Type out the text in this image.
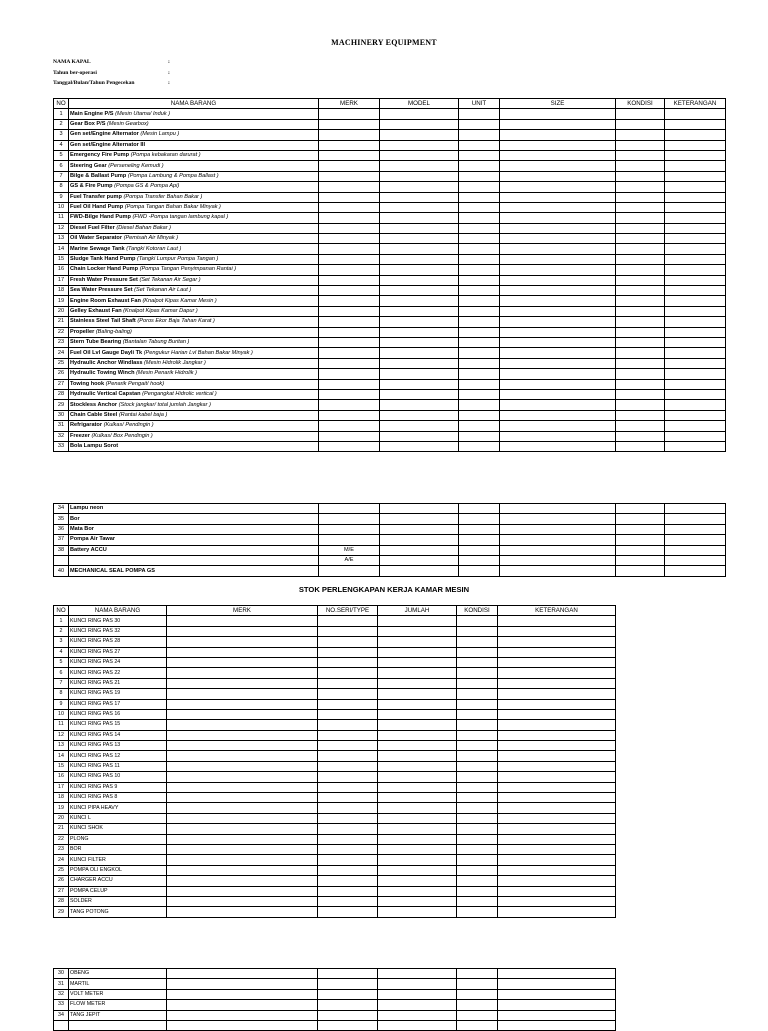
MACHINERY EQUIPMENT
NAMA KAPAL	:
Tahun ber-operasi	:
Tanggal/Bulan/Tahun Pengecekan	:
NO	NAMA BARANG	MERK	MODEL	UNIT	SIZE	KONDISI	KETERANGAN
1	Main Engine P/S (Mesin Utama/ Induk )						
2	Gear Box P/S (Mesin Gearbox)						
3	Gen set/Engine Alternator (Mesin Lampu )						
4	Gen set/Engine Alternator III						
5	Emergency Fire Pump (Pompa kebakaran darurat )						
6	Steering Gear (Perseneling Kemudi )						
7	Bilge & Ballast Pump (Pompa Lambung & Pompa Ballast )						
8	GS & Fire Pump (Pompa GS & Pompa Api)						
9	Fuel Transfer pump (Pompa Transfer Bahan Bakar )						
10	Fuel Oil Hand Pump (Pompa Tangan Bahan Bakar Minyak )						
11	FWD-Bilge Hand Pump (FWD -Pompa tangan lambung kapal )						
12	Diesel Fuel Filter (Diesel Bahan Bakar )						
13	Oil Water Separator (Pemisah Air Minyak )						
14	Marine Sewage Tank (Tangki Kotoran Laut )						
15	Sludge Tank Hand Pump (Tangki Lumpur Pompa Tangan )						
16	Chain Locker Hand Pump (Pompa Tangan Penyimpanan Rantai )						
17	Fresh Water Pressure Set (Set Tekanan Air Segar )						
18	Sea Water Pressure Set (Set Tekanan Air Laut )						
19	Engine Room Exhaust Fan (Knalpot Kipas Kamar Mesin )						
20	Gelley Exhaust Fan (Knalpot Kipas Kamar Dapur )						
21	Stainless Steel Tail Shaft (Poros Ekor Baja Tahan Karat )						
22	Propeller (Baling-baling)						
23	Stern Tube Bearing (Bantalan Tabung Buritan )						
24	Fuel Oil Lvl Gauge Dayli Tk (Pengukur Harian Lvl Bahan Bakar Minyak )						
25	Hydraulic Anchor Windlass (Mesin Hidrolik Jangkar )						
26	Hydraulic Towing Winch (Mesin Penarik Hidrolik )						
27	Towing hook (Penarik Pengait/ hook)						
28	Hydraulic Vertical Capstan (Pengangkat Hidrolic vertical )						
29	Stockless Anchor (Stock jangkar/ total jumlah Jangkar )						
30	Chain Cable Steel (Rantai kabel baja )						
31	Refrigarator (Kulkas/ Pendingin )						
32	Freezer (Kulkas/ Box Pendingin )						
33	Bola Lampu Sorot						
34	Lampu neon						
35	Bor						
36	Mata Bor						
37	Pompa Air Tawar						
38	Battery ACCU	M/E					
		A/E					
40	MECHANICAL SEAL POMPA GS						
STOK PERLENGKAPAN KERJA KAMAR MESIN
NO	NAMA BARANG	MERK	NO.SERI/TYPE	JUMLAH	KONDISI	KETERANGAN
1	KUNCI RING PAS 30					
2	KUNCI RING PAS 32					
3	KUNCI RING PAS 28					
4	KUNCI RING PAS 27					
5	KUNCI RING PAS 24					
6	KUNCI RING PAS 22					
7	KUNCI RING PAS 21					
8	KUNCI RING PAS 19					
9	KUNCI RING PAS 17					
10	KUNCI RING PAS 16					
11	KUNCI RING PAS 15					
12	KUNCI RING PAS 14					
13	KUNCI RING PAS 13					
14	KUNCI RING PAS 12					
15	KUNCI RING PAS 11					
16	KUNCI RING PAS 10					
17	KUNCI RING PAS 9					
18	KUNCI RING PAS 8					
19	KUNCI PIPA HEAVY					
20	KUNCI L					
21	KUNCI SHOK					
22	PLONG					
23	BOR					
24	KUNCI FILTER					
25	POMPA OLI ENGKOL					
26	CHARGER ACCU					
27	POMPA CELUP					
28	SOLDER					
29	TANG POTONG					
30	OBENG					
31	MARTIL					
32	VOLT METER					
33	FLOW METER					
34	TANG JEPIT					
